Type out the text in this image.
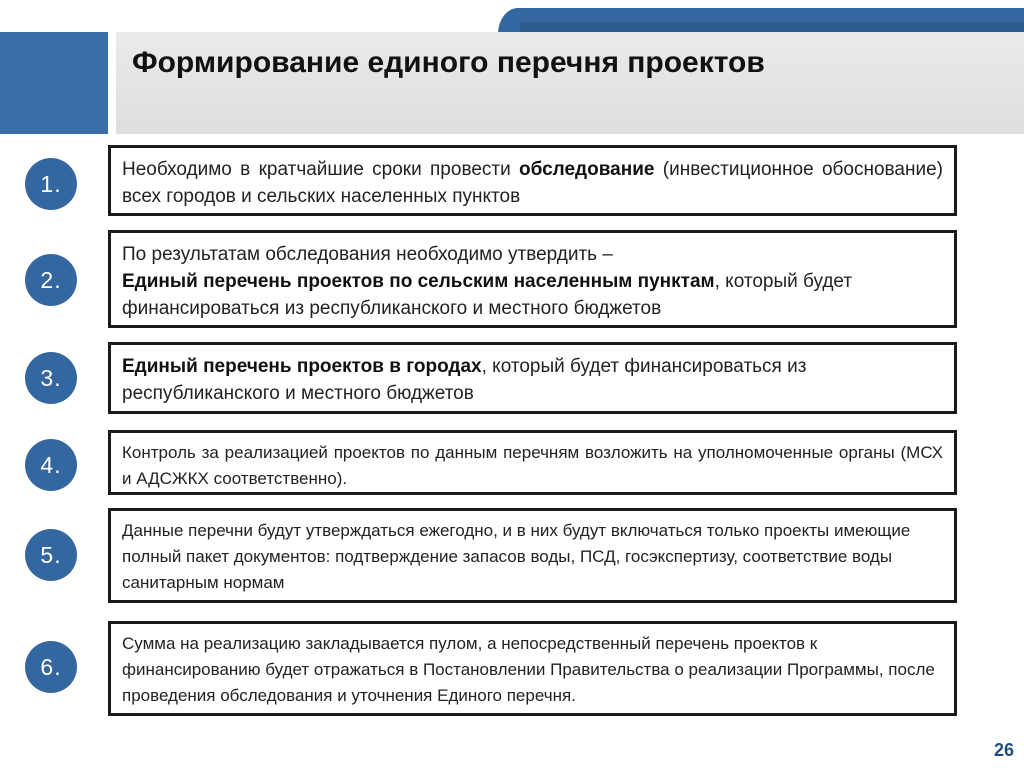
Формирование единого перечня проектов
1.
Необходимо в кратчайшие сроки провести обследование (инвестиционное обоснование) всех городов и сельских населенных пунктов
2.
По результатам обследования необходимо утвердить –
Единый перечень проектов по сельским населенным пунктам, который будет финансироваться из республиканского и местного бюджетов
3.	Единый перечень проектов в городах, который будет финансироваться из республиканского и местного бюджетов
4.	Контроль за реализацией проектов по данным перечням возложить на уполномоченные органы (МСХ и АДСЖКХ соответственно).
5.
Данные перечни будут утверждаться ежегодно, и в них будут включаться только проекты имеющие полный пакет документов: подтверждение запасов воды, ПСД, госэкспертизу, соответствие воды санитарным нормам
6.
Сумма на реализацию закладывается пулом, а непосредственный перечень проектов к финансированию будет отражаться в Постановлении Правительства о реализации Программы, после проведения обследования и уточнения Единого перечня.
26
